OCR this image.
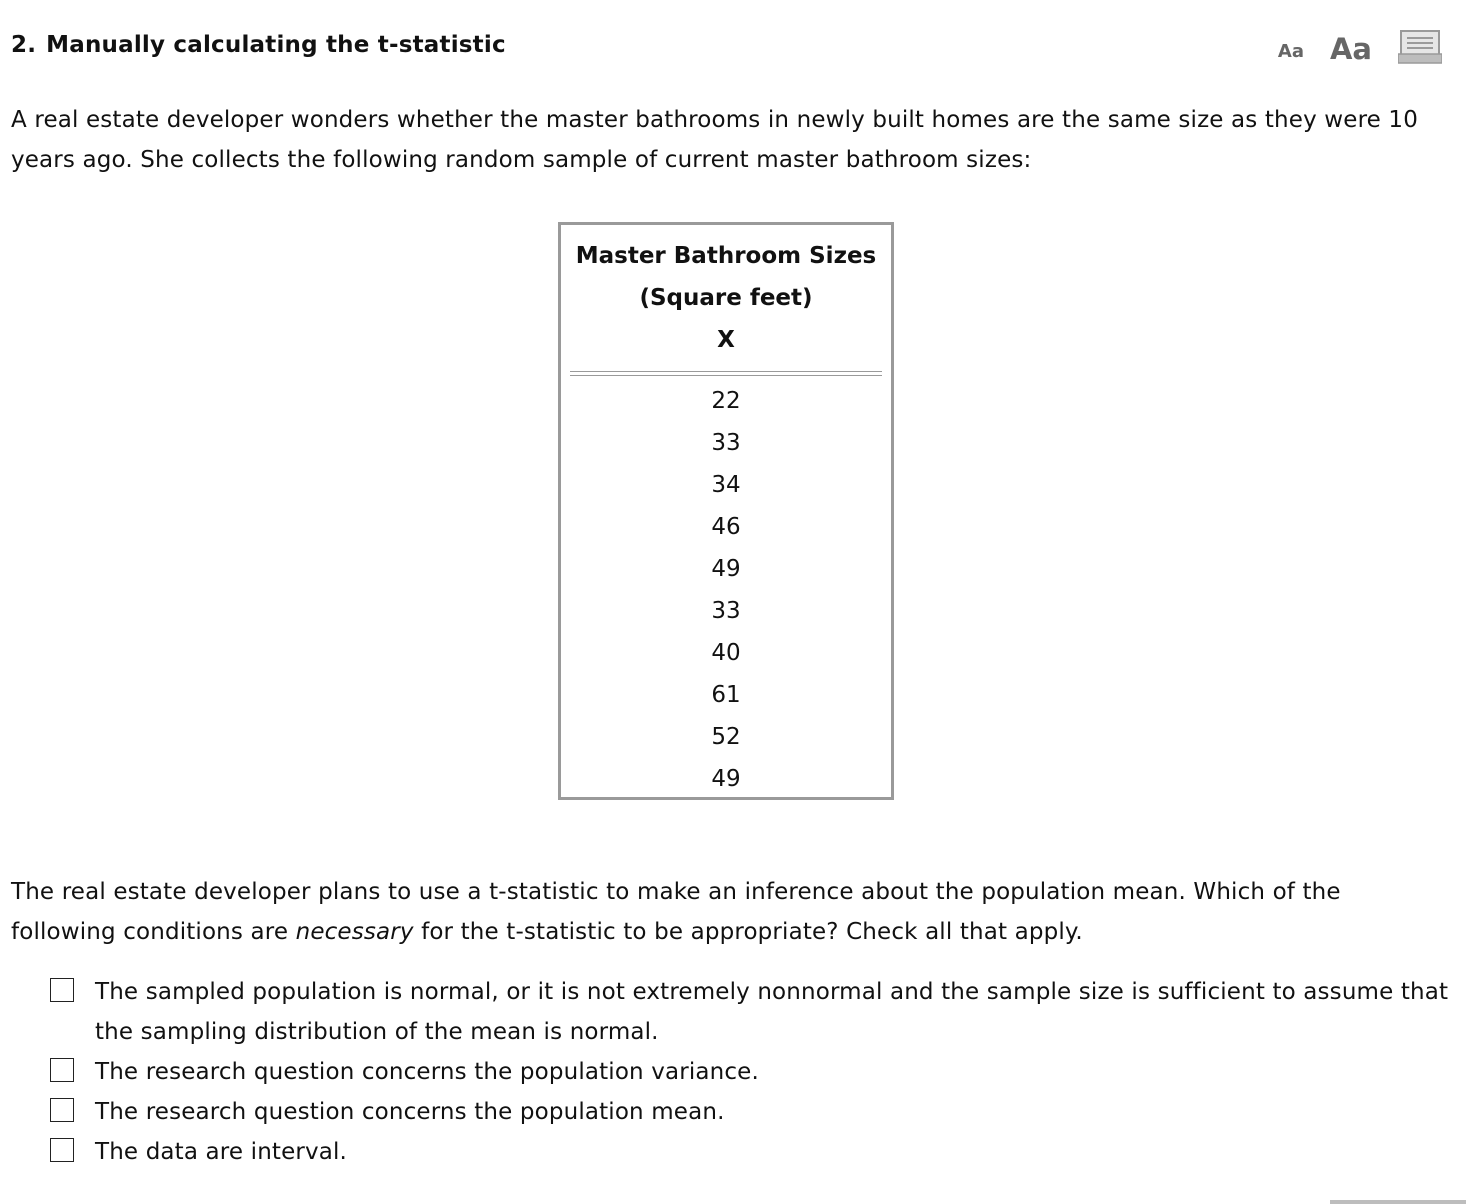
2. Manually calculating the t-statistic	Aa Aa
A real estate developer wonders whether the master bathrooms in newly built homes are the same size as they were 10 years ago. She collects the following random sample of current master bathroom sizes:
Master Bathroom Sizes
(Square feet)
X
22
33
34
46
49
33
40
61
52
49
The real estate developer plans to use a t-statistic to make an inference about the population mean. Which of the following conditions are necessary for the t-statistic to be appropriate? Check all that apply.
The sampled population is normal, or it is not extremely nonnormal and the sample size is sufficient to assume that the sampling distribution of the mean is normal.
The research question concerns the population variance.
The research question concerns the population mean.
The data are interval.
